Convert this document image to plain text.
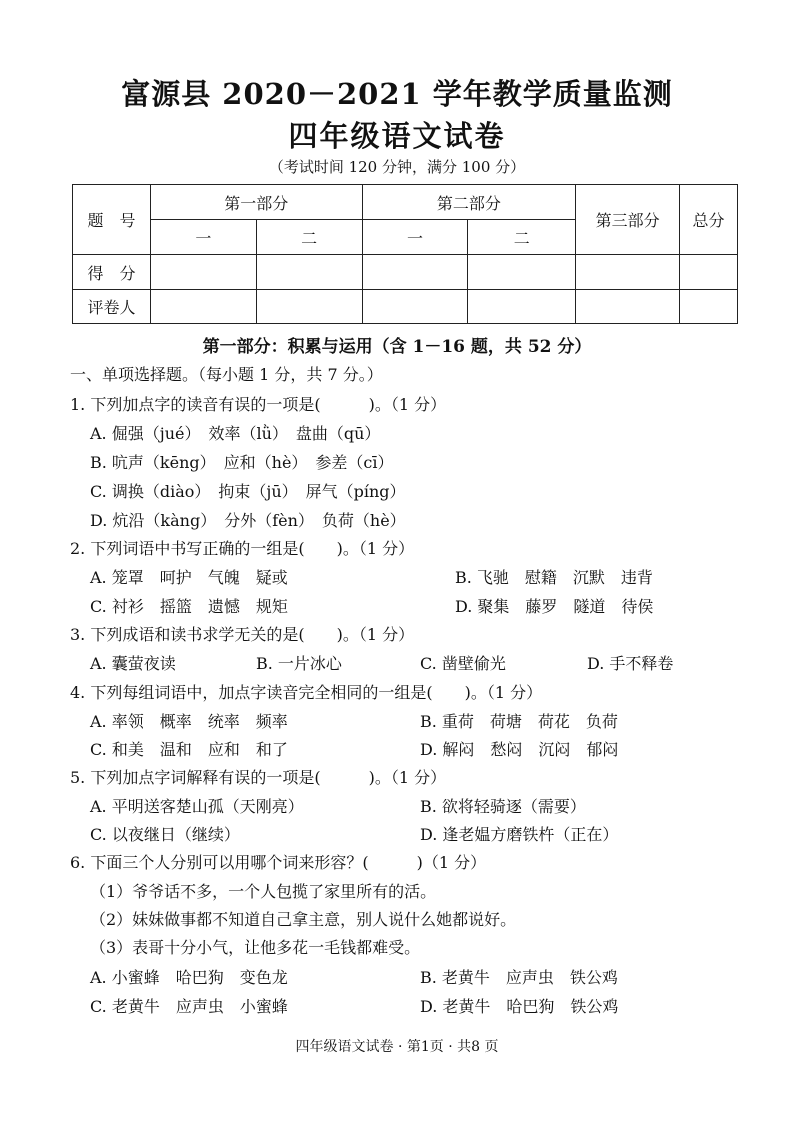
富源县 2020－2021 学年教学质量监测
四年级语文试卷
（考试时间 120 分钟，满分 100 分）
题　号	第一部分		第二部分		第三部分	总分
	一	二	一	二		
得　分						
评卷人						
第一部分：积累与运用（含 1－16 题，共 52 分）
一、单项选择题。（每小题 1 分，共 7 分。）
1. 下列加点字的读音有误的一项是(　　　)。（1 分）
A. 倔强（jué）　效率（lǜ）　盘曲（qū）
B. 吭声（kēng）　应和（hè）　参差（cī）
C. 调换（diào）　拘束（jū）　屏气（píng）
D. 炕沿（kàng）　分外（fèn）　负荷（hè）
2. 下列词语中书写正确的一组是(　　)。（1 分）
A. 笼罩　呵护　气魄　疑或	B. 飞驰　慰籍　沉默　违背
C. 衬衫　摇篮　遗憾　规矩	D. 聚集　藤罗　隧道　待侯
3. 下列成语和读书求学无关的是(　　)。（1 分）
A. 囊萤夜读	B. 一片冰心	C. 凿壁偷光	D. 手不释卷
4. 下列每组词语中，加点字读音完全相同的一组是(　　)。（1 分）
A. 率领　概率　统率　频率	B. 重荷　荷塘　荷花　负荷
C. 和美　温和　应和　和了	D. 解闷　愁闷　沉闷　郁闷
5. 下列加点字词解释有误的一项是(　　　)。（1 分）
A. 平明送客楚山孤（天刚亮）	B. 欲将轻骑逐（需要）
C. 以夜继日（继续）	D. 逢老媪方磨铁杵（正在）
6. 下面三个人分别可以用哪个词来形容？(　　　)（1 分）
（1）爷爷话不多，一个人包揽了家里所有的活。
（2）妹妹做事都不知道自己拿主意，别人说什么她都说好。
（3）表哥十分小气，让他多花一毛钱都难受。
A. 小蜜蜂　哈巴狗　变色龙	B. 老黄牛　应声虫　铁公鸡
C. 老黄牛　应声虫　小蜜蜂	D. 老黄牛　哈巴狗　铁公鸡
四年级语文试卷 · 第1页 · 共8 页
